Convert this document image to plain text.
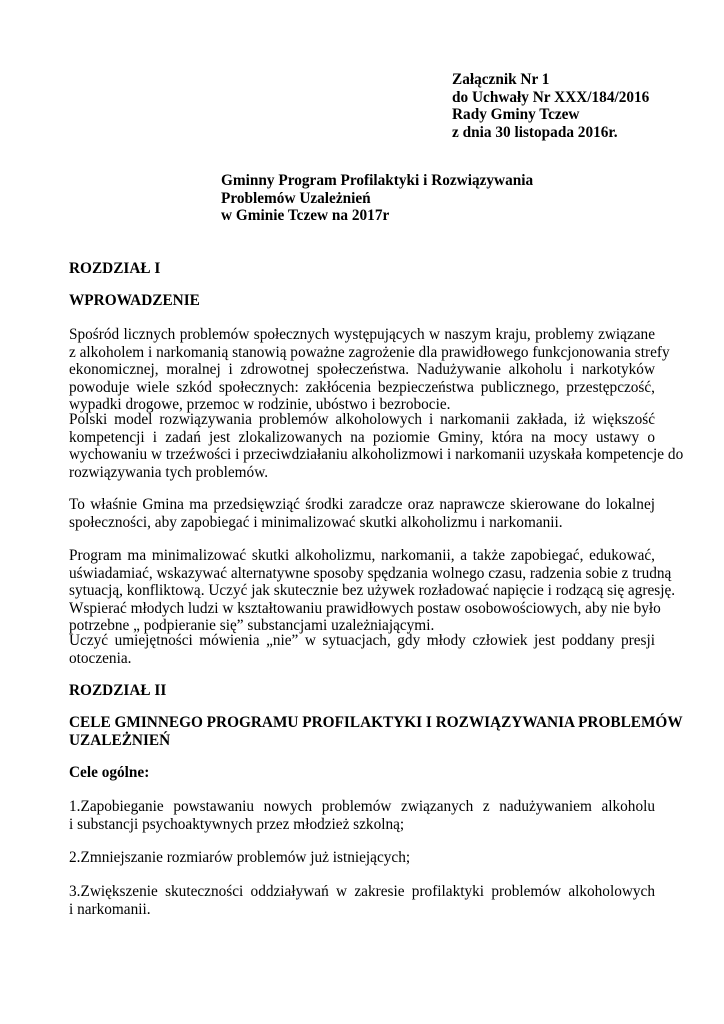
Załącznik Nr 1
do Uchwały Nr XXX/184/2016
Rady Gminy Tczew
z dnia 30 listopada 2016r.
Gminny Program Profilaktyki i Rozwiązywania
Problemów Uzależnień
w Gminie Tczew na 2017r
ROZDZIAŁ I
WPROWADZENIE
Spośród licznych problemów społecznych występujących w naszym kraju, problemy związane
z alkoholem i narkomanią stanowią poważne zagrożenie dla prawidłowego funkcjonowania strefy
ekonomicznej, moralnej i zdrowotnej społeczeństwa. Nadużywanie alkoholu i narkotyków
powoduje wiele szkód społecznych: zakłócenia bezpieczeństwa publicznego, przestępczość,
wypadki drogowe, przemoc w rodzinie, ubóstwo i bezrobocie.
Polski model rozwiązywania problemów alkoholowych i narkomanii zakłada, iż większość
kompetencji i zadań jest zlokalizowanych na poziomie Gminy, która na mocy ustawy o
wychowaniu w trzeźwości i przeciwdziałaniu alkoholizmowi i narkomanii uzyskała kompetencje do
rozwiązywania tych problemów.
To właśnie Gmina ma przedsięwziąć środki zaradcze oraz naprawcze skierowane do lokalnej
społeczności, aby zapobiegać i minimalizować skutki alkoholizmu i narkomanii.
Program ma minimalizować skutki alkoholizmu, narkomanii, a także zapobiegać, edukować,
uświadamiać, wskazywać alternatywne sposoby spędzania wolnego czasu, radzenia sobie z trudną
sytuacją, konfliktową. Uczyć jak skutecznie bez używek rozładować napięcie i rodzącą się agresję.
Wspierać młodych ludzi w kształtowaniu prawidłowych postaw osobowościowych, aby nie było
potrzebne „ podpieranie się” substancjami uzależniającymi.
Uczyć umiejętności mówienia „nie” w sytuacjach, gdy młody człowiek jest poddany presji
otoczenia.
ROZDZIAŁ II
CELE GMINNEGO PROGRAMU PROFILAKTYKI I ROZWIĄZYWANIA PROBLEMÓW
UZALEŻNIEŃ
Cele ogólne:
1.Zapobieganie powstawaniu nowych problemów związanych z nadużywaniem alkoholu
i substancji psychoaktywnych przez młodzież szkolną;
2.Zmniejszanie rozmiarów problemów już istniejących;
3.Zwiększenie skuteczności oddziaływań w zakresie profilaktyki problemów alkoholowych
i narkomanii.
